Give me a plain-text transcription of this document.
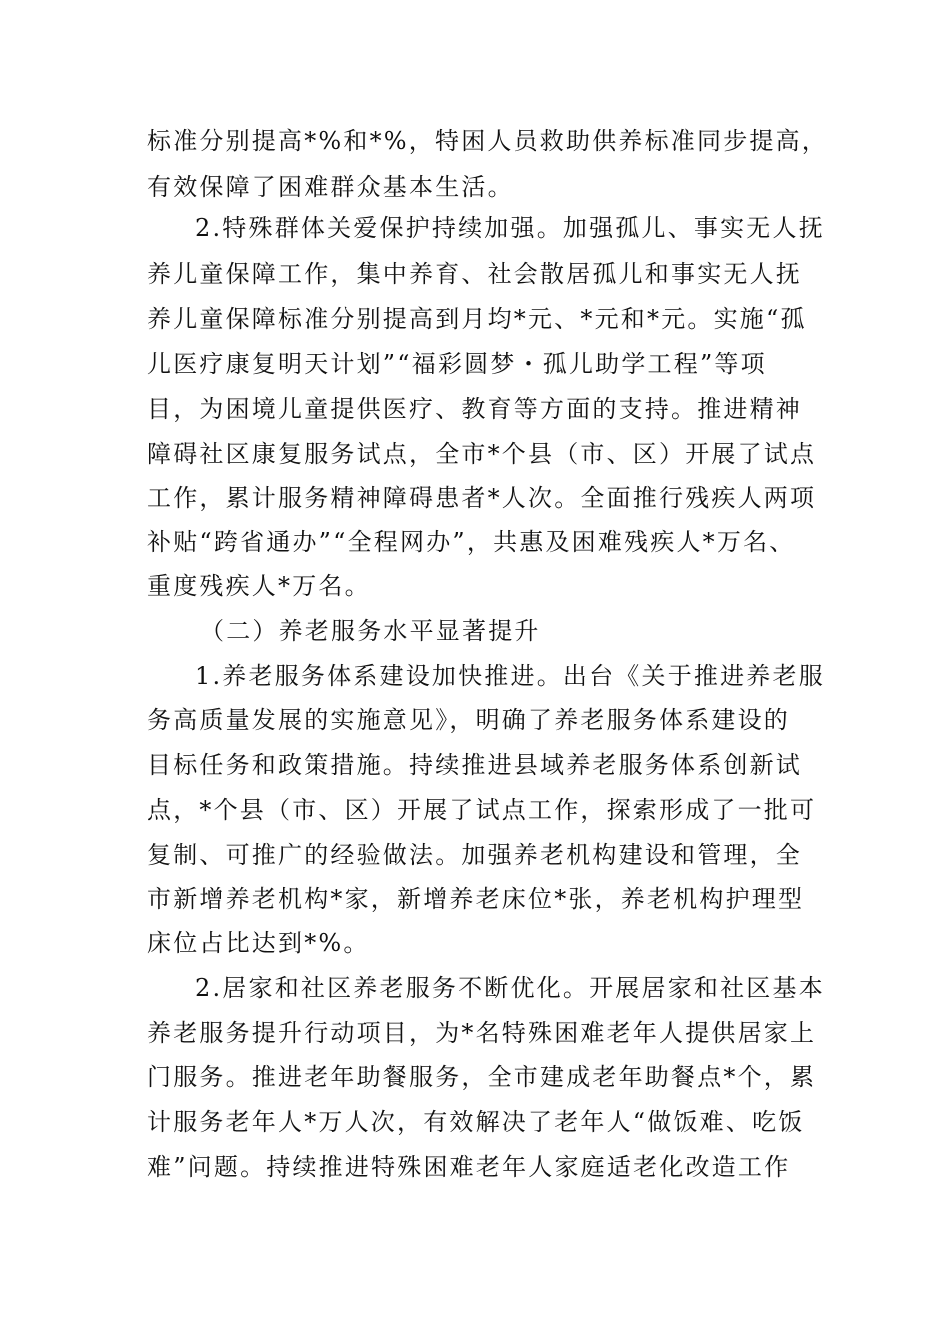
标准分别提高*%和*%，特困人员救助供养标准同步提高，
有效保障了困难群众基本生活。
2.特殊群体关爱保护持续加强。加强孤儿、事实无人抚
养儿童保障工作，集中养育、社会散居孤儿和事实无人抚
养儿童保障标准分别提高到月均*元、*元和*元。实施“孤
儿医疗康复明天计划”“福彩圆梦・孤儿助学工程”等项
目，为困境儿童提供医疗、教育等方面的支持。推进精神
障碍社区康复服务试点，全市*个县（市、区）开展了试点
工作，累计服务精神障碍患者*人次。全面推行残疾人两项
补贴“跨省通办”“全程网办”，共惠及困难残疾人*万名、
重度残疾人*万名。
（二）养老服务水平显著提升
1.养老服务体系建设加快推进。出台《关于推进养老服
务高质量发展的实施意见》，明确了养老服务体系建设的
目标任务和政策措施。持续推进县域养老服务体系创新试
点，*个县（市、区）开展了试点工作，探索形成了一批可
复制、可推广的经验做法。加强养老机构建设和管理，全
市新增养老机构*家，新增养老床位*张，养老机构护理型
床位占比达到*%。
2.居家和社区养老服务不断优化。开展居家和社区基本
养老服务提升行动项目，为*名特殊困难老年人提供居家上
门服务。推进老年助餐服务，全市建成老年助餐点*个，累
计服务老年人*万人次，有效解决了老年人“做饭难、吃饭
难”问题。持续推进特殊困难老年人家庭适老化改造工作
